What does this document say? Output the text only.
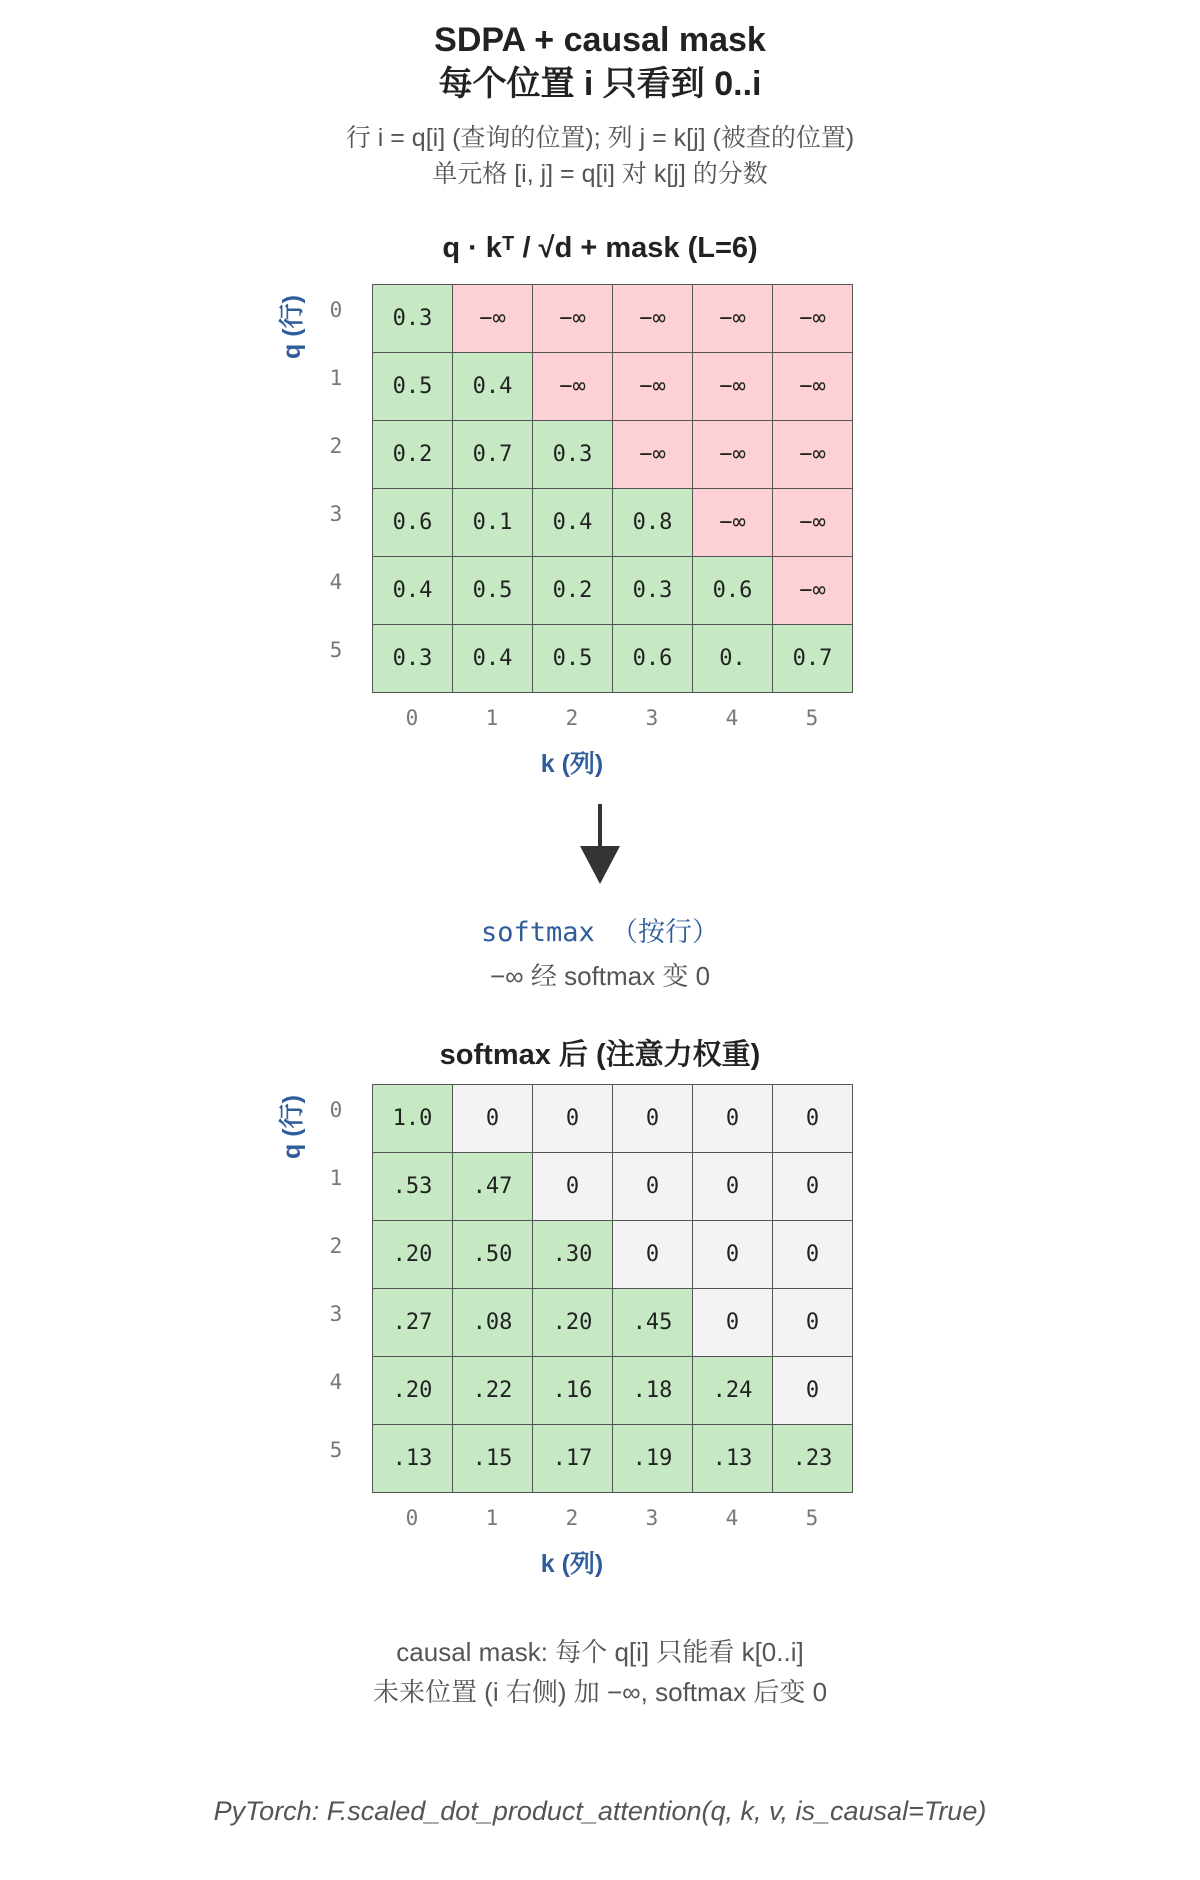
SDPA + causal mask
每个位置 i 只看到 0..i
行 i = q[i] (查询的位置); 列 j = k[j] (被查的位置)
单元格 [i, j] = q[i] 对 k[j] 的分数
q · kᵀ / √d + mask (L=6)
q (行) 0
1
2
3
4
5
0.3	−∞	−∞	−∞	−∞	−∞
0.5	0.4	−∞	−∞	−∞	−∞
0.2	0.7	0.3	−∞	−∞	−∞
0.6	0.1	0.4	0.8	−∞	−∞
0.4	0.5	0.2	0.3	0.6	−∞
0.3	0.4	0.5	0.6	0.	0.7
0	1	2	3	4	5
k (列)
softmax （按行）
−∞ 经 softmax 变 0
softmax 后 (注意力权重)
q (行) 0
1
2
3
4
5
1.0	0	0	0	0	0
.53	.47	0	0	0	0
.20	.50	.30	0	0	0
.27	.08	.20	.45	0	0
.20	.22	.16	.18	.24	0
.13	.15	.17	.19	.13	.23
0	1	2	3	4	5
k (列)
causal mask: 每个 q[i] 只能看 k[0..i]
未来位置 (i 右侧) 加 −∞, softmax 后变 0
PyTorch: F.scaled_dot_product_attention(q, k, v, is_causal=True)
